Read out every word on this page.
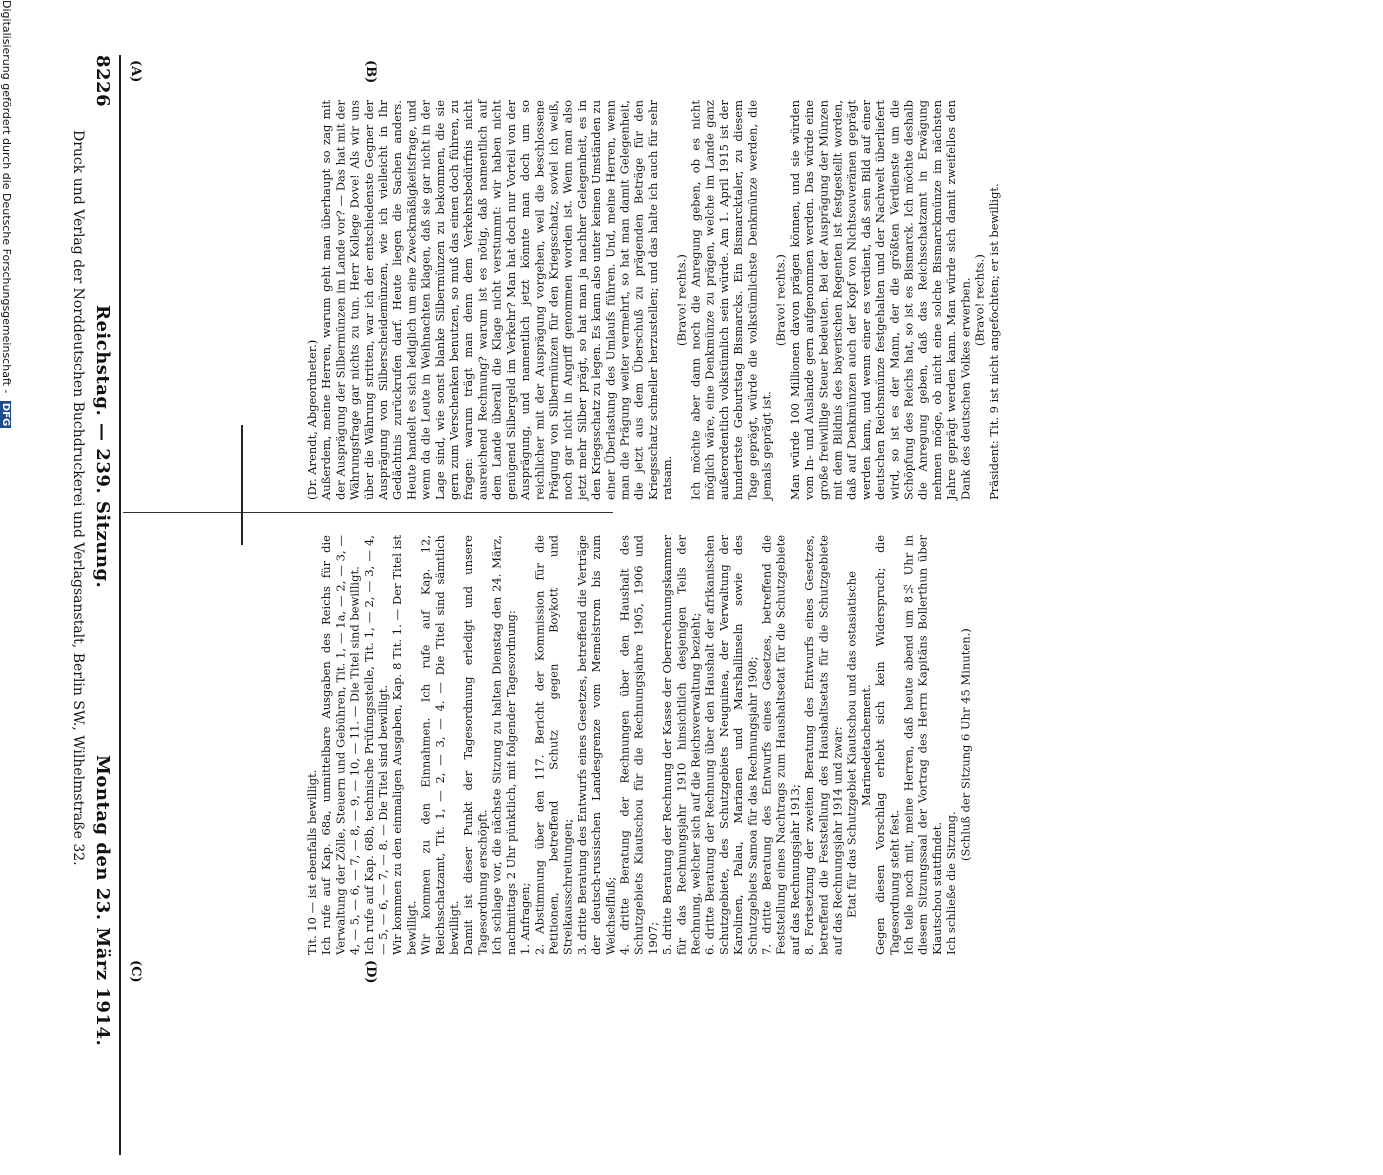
8226
Reichstag. — 239. Sitzung.
Montag den 23. März 1914.
(A)	(B)
(C)	(D)
Druck und Verlag der Norddeutschen Buchdruckerei und Verlagsanstalt, Berlin SW., Wilhelmstraße 32.
Digitalisierung gefördert durch die Deutsche Forschungsgemeinschaft - DFG	(Dr. Arendt, Abgeordneter.) Außerdem, meine Herren, warum geht man überhaupt so zag mit der Ausprägung der Silbermünzen im Lande vor? — Das hat mit der Währungsfrage gar nichts zu tun. Herr Kollege Dove! Als wir uns über die Währung stritten, war ich der entschiedenste Gegner der Ausprägung von Silberscheidemünzen, wie ich vielleicht in Ihr Gedächtnis zurückrufen darf. Heute liegen die Sachen anders. Heute handelt es sich lediglich um eine Zweckmäßigkeitsfrage, und wenn da die Leute in Weihnachten klagen, daß sie gar nicht in der Lage sind, wie sonst blanke Silbermünzen zu bekommen, die sie gern zum Verschenken benutzen, so muß das einen doch führen, zu fragen: warum trägt man denn dem Verkehrsbedürfnis nicht ausreichend Rechnung? warum ist es nötig, daß namentlich auf dem Lande überall die Klage nicht verstummt: wir haben nicht genügend Silbergeld im Verkehr? Man hat doch nur Vorteil von der Ausprägung, und namentlich jetzt könnte man doch um so reichlicher mit der Ausprägung vorgehen, weil die beschlossene Prägung von Silbermünzen für den Kriegsschatz, soviel ich weiß, noch gar nicht in Angriff genommen worden ist. Wenn man also jetzt mehr Silber prägt, so hat man ja nachher Gelegenheit, es in den Kriegsschatz zu legen. Es kann also unter keinen Umständen zu einer Überlastung des Umlaufs führen. Und, meine Herren, wenn man die Prägung weiter vermehrt, so hat man damit Gelegenheit, die jetzt aus dem Überschuß zu prägenden Beträge für den Kriegsschatz schneller herzustellen; und das halte ich auch für sehr ratsam.

(Bravo! rechts.) Ich möchte aber dann noch die Anregung geben, ob es nicht möglich wäre, eine Denkmünze zu prägen, welche im Lande ganz außerordentlich volkstümlich sein würde. Am 1. April 1915 ist der hundertste Geburtstag Bismarcks. Ein Bismarcktaler, zu diesem Tage geprägt, würde die volkstümlichste Denkmünze werden, die jemals geprägt ist.

(Bravo! rechts.) Man würde 100 Millionen davon prägen können, und sie würden vom In- und Auslande gern aufgenommen werden. Das würde eine große freiwillige Steuer bedeuten. Bei der Ausprägung der Münzen mit dem Bildnis des bayerischen Regenten ist festgestellt worden, daß auf Denkmünzen auch der Kopf von Nichtsouveränen geprägt werden kann, und wenn einer es verdient, daß sein Bild auf einer deutschen Reichsmünze festgehalten und der Nachwelt überliefert wird, so ist es der Mann, der die größten Verdienste um die Schöpfung des Reichs hat, so ist es Bismarck. Ich möchte deshalb die Anregung geben, daß das Reichsschatzamt in Erwägung nehmen möge, ob nicht eine solche Bismarckmünze im nächsten Jahre geprägt werden kann. Man würde sich damit zweifellos den Dank des deutschen Volkes erwerben. (Bravo! rechts.) Präsident: Tit. 9 ist nicht angefochten; er ist bewilligt.

Tit. 10 — ist ebenfalls bewilligt. Ich rufe auf Kap. 68a, unmittelbare Ausgaben des Reichs für die Verwaltung der Zölle, Steuern und Gebühren, Tit. 1, — 1a, — 2, — 3, — 4, — 5, — 6, — 7, — 8, — 9, — 10, — 11. — Die Titel sind bewilligt. Ich rufe auf Kap. 68b, technische Prüfungsstelle, Tit. 1, — 2, — 3, — 4, — 5, — 6, — 7, — 8. — Die Titel sind bewilligt. Wir kommen zu den einmaligen Ausgaben, Kap. 8 Tit. 1. — Der Titel ist bewilligt. Wir kommen zu den Einnahmen. Ich rufe auf Kap. 12, Reichsschatzamt, Tit. 1, — 2, — 3, — 4. — Die Titel sind sämtlich bewilligt. Damit ist dieser Punkt der Tagesordnung erledigt und unsere Tagesordnung erschöpft. Ich schlage vor, die nächste Sitzung zu halten Dienstag den 24. März, nachmittags 2 Uhr pünktlich, mit folgender Tagesordnung: 1. Anfragen; 2. Abstimmung über den 117. Bericht der Kommission für die Petitionen, betreffend Schutz gegen Boykott und Streikausschreitungen; 3. dritte Beratung des Entwurfs eines Gesetzes, betreffend die Verträge der deutsch-russischen Landesgrenze vom Memelstrom bis zum Weichselfluß; 4. dritte Beratung der Rechnungen über den Haushalt des Schutzgebiets Kiautschou für die Rechnungsjahre 1905, 1906 und 1907; 5. dritte Beratung der Rechnung der Kasse der Oberrechnungskammer für das Rechnungsjahr 1910 hinsichtlich desjenigen Teils der Rechnung, welcher sich auf die Reichsverwaltung bezieht; 6. dritte Beratung der Rechnung über den Haushalt der afrikanischen Schutzgebiete, des Schutzgebiets Neuguinea, der Verwaltung der Karolinen, Palau, Marianen und Marshallinseln sowie des Schutzgebiets Samoa für das Rechnungsjahr 1908; 7. dritte Beratung des Entwurfs eines Gesetzes, betreffend die Feststellung eines Nachtrags zum Haushaltsetat für die Schutzgebiete auf das Rechnungsjahr 1913; 8. Fortsetzung der zweiten Beratung des Entwurfs eines Gesetzes, betreffend die Feststellung des Haushaltsetats für die Schutzgebiete auf das Rechnungsjahr 1914 und zwar: Etat für das Schutzgebiet Kiautschou und das ostasiatische Marinedetachement. Gegen diesen Vorschlag erhebt sich kein Widerspruch; die Tagesordnung steht fest. Ich teile noch mit, meine Herren, daß heute abend um 8½ Uhr in diesem Sitzungssaal der Vortrag des Herrn Kapitäns Bollerthun über Kiautschou stattfindet. Ich schließe die Sitzung.

(Schluß der Sitzung 6 Uhr 45 Minuten.)
